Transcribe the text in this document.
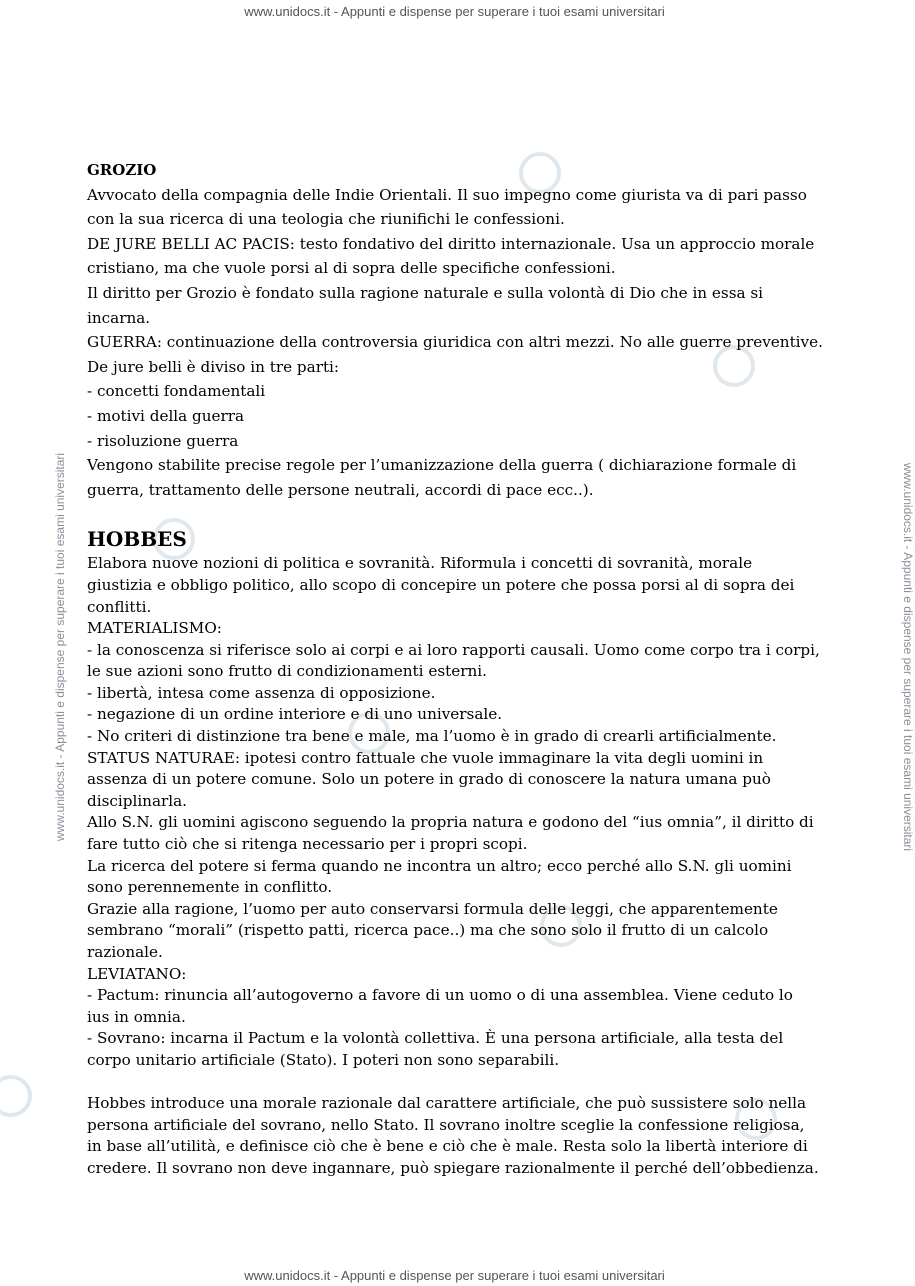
www.unidocs.it - Appunti e dispense per superare i tuoi esami universitari
www.unidocs.it - Appunti e dispense per superare i tuoi esami universitari	www.unidocs.it - Appunti e dispense per superare i tuoi esami universitari

GROZIO

Avvocato della compagnia delle Indie Orientali. Il suo impegno come giurista va di pari passo

con la sua ricerca di una teologia che riunifichi le confessioni.

DE JURE BELLI AC PACIS: testo fondativo del diritto internazionale. Usa un approccio morale

cristiano, ma che vuole porsi al di sopra delle specifiche confessioni.

Il diritto per Grozio è fondato sulla ragione naturale e sulla volontà di Dio che in essa si

incarna.

GUERRA: continuazione della controversia giuridica con altri mezzi. No alle guerre preventive.

De jure belli è diviso in tre parti:

- concetti fondamentali

- motivi della guerra

- risoluzione guerra

Vengono stabilite precise regole per l’umanizzazione della guerra ( dichiarazione formale di

guerra, trattamento delle persone neutrali, accordi di pace ecc..).

HOBBES

Elabora nuove nozioni di politica e sovranità. Riformula i concetti di sovranità, morale

giustizia e obbligo politico, allo scopo di concepire un potere che possa porsi al di sopra dei

conflitti.

MATERIALISMO:

- la conoscenza si riferisce solo ai corpi e ai loro rapporti causali. Uomo come corpo tra i corpi,

le sue azioni sono frutto di condizionamenti esterni.

- libertà, intesa come assenza di opposizione.

- negazione di un ordine interiore e di uno universale.

- No criteri di distinzione tra bene e male, ma l’uomo è in grado di crearli artificialmente.

STATUS NATURAE: ipotesi contro fattuale che vuole immaginare la vita degli uomini in

assenza di un potere comune. Solo un potere in grado di conoscere la natura umana può

disciplinarla.

Allo S.N. gli uomini agiscono seguendo la propria natura e godono del “ius omnia”, il diritto di

fare tutto ciò che si ritenga necessario per i propri scopi.

La ricerca del potere si ferma quando ne incontra un altro; ecco perché allo S.N. gli uomini

sono perennemente in conflitto.

Grazie alla ragione, l’uomo per auto conservarsi formula delle leggi, che apparentemente

sembrano “morali” (rispetto patti, ricerca pace..) ma che sono solo il frutto di un calcolo

razionale.

LEVIATANO:

- Pactum: rinuncia all’autogoverno a favore di un uomo o di una assemblea. Viene ceduto lo

ius in omnia.

- Sovrano: incarna il Pactum e la volontà collettiva. È una persona artificiale, alla testa del

corpo unitario artificiale (Stato). I poteri non sono separabili.

Hobbes introduce una morale razionale dal carattere artificiale, che può sussistere solo nella

persona artificiale del sovrano, nello Stato. Il sovrano inoltre sceglie la confessione religiosa,

in base all’utilità, e definisce ciò che è bene e ciò che è male. Resta solo la libertà interiore di

credere. Il sovrano non deve ingannare, può spiegare razionalmente il perché dell’obbedienza.

www.unidocs.it - Appunti e dispense per superare i tuoi esami universitari
